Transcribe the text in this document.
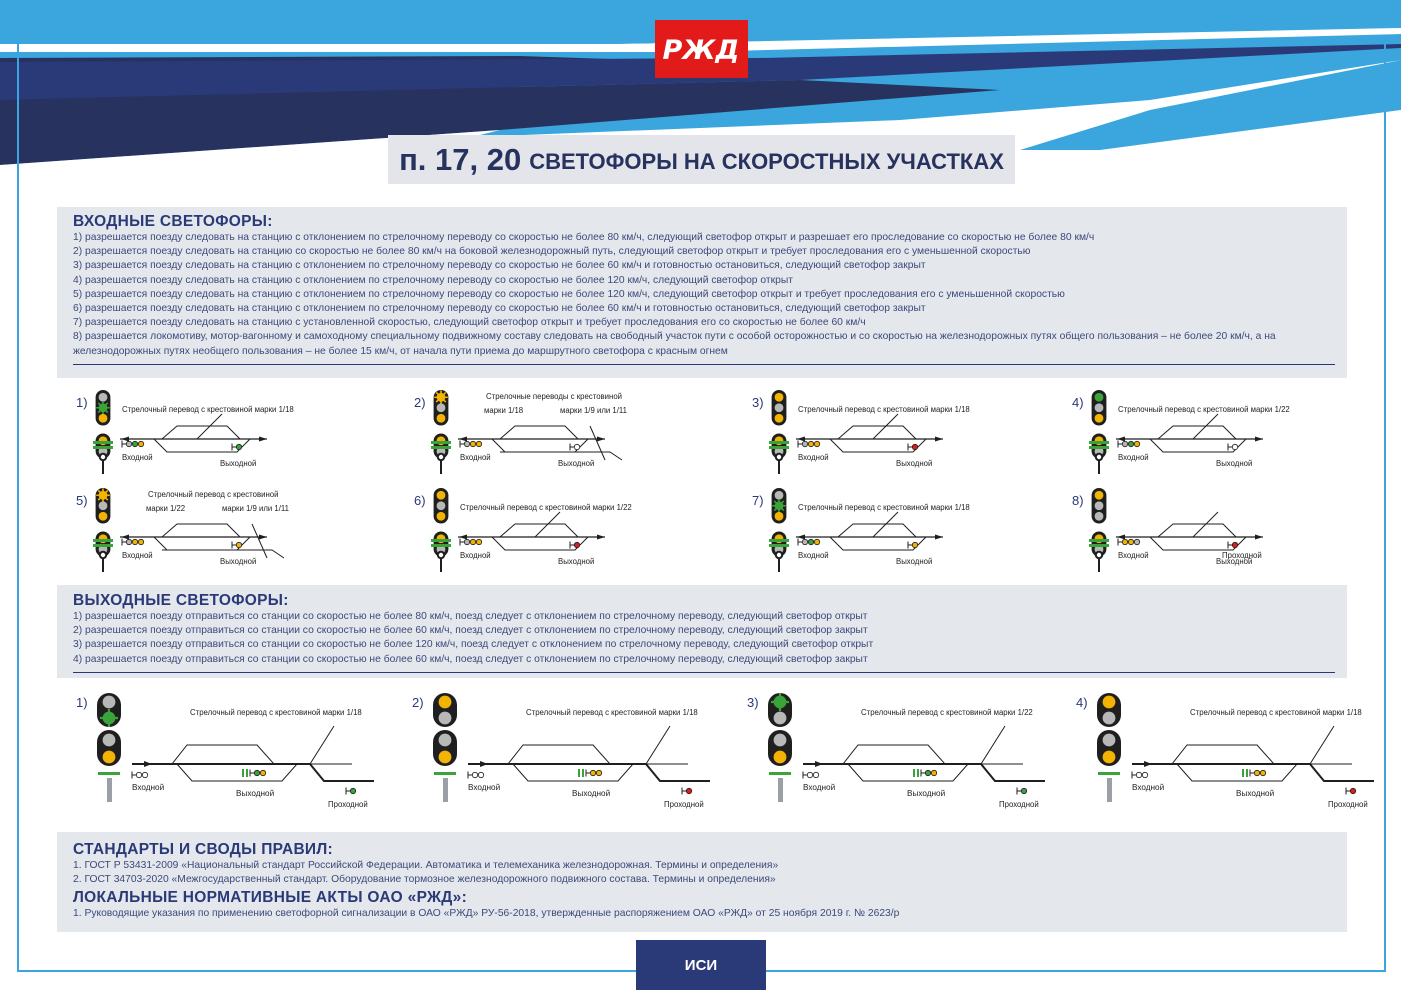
РЖД
п. 17, 20 СВЕТОФОРЫ НА СКОРОСТНЫХ УЧАСТКАХ
ВХОДНЫЕ СВЕТОФОРЫ:
1) разрешается поезду следовать на станцию с отклонением по стрелочному переводу со скоростью не более 80 км/ч, следующий светофор открыт и разрешает его проследование со скоростью не более 80 км/ч
2) разрешается поезду следовать на станцию со скоростью не более 80 км/ч на боковой железнодорожный путь, следующий светофор открыт и требует проследования его с уменьшенной скоростью
3) разрешается поезду следовать на станцию с отклонением по стрелочному переводу со скоростью не более 60 км/ч и готовностью остановиться, следующий светофор закрыт
4) разрешается поезду следовать на станцию с отклонением по стрелочному переводу со скоростью не более 120 км/ч, следующий светофор открыт
5) разрешается поезду следовать на станцию с отклонением по стрелочному переводу со скоростью не более 120 км/ч, следующий светофор открыт и требует проследования его с уменьшенной скоростью
6) разрешается поезду следовать на станцию с отклонением по стрелочному переводу со скоростью не более 60 км/ч и готовностью остановиться, следующий светофор закрыт
7) разрешается поезду следовать на станцию с установленной скоростью, следующий светофор открыт и требует проследования его со скоростью не более 60 км/ч
8) разрешается локомотиву, мотор-вагонному и самоходному специальному подвижному составу следовать на свободный участок пути с особой осторожностью и со скоростью на железнодорожных путях общего пользования – не более 20 км/ч, а на железнодорожных путях необщего пользования – не более 15 км/ч, от начала пути приема до маршрутного светофора с красным огнем
1)
Входной
Выходной
Стрелочный перевод с крестовиной марки 1/18	2)
Входной
Выходной
Стрелочные переводы с крестовиной
марки 1/18	марки 1/9 или 1/11
3)
Входной
Выходной
Стрелочный перевод с крестовиной марки 1/18	4)
Входной
Выходной
Стрелочный перевод с крестовиной марки 1/22
5)
Входной
Выходной
Стрелочный перевод с крестовиной
марки 1/22	марки 1/9 или 1/11
6)
Входной
Выходной
Стрелочный перевод с крестовиной марки 1/22	7)
Входной
Выходной
Стрелочный перевод с крестовиной марки 1/18	8)
Входной
Выходной
Проходной
ВЫХОДНЫЕ СВЕТОФОРЫ:
1) разрешается поезду отправиться со станции со скоростью не более 80 км/ч, поезд следует с отклонением по стрелочному переводу, следующий светофор открыт
2) разрешается поезду отправиться со станции со скоростью не более 60 км/ч, поезд следует с отклонением по стрелочному переводу, следующий светофор закрыт
3) разрешается поезду отправиться со станции со скоростью не более 120 км/ч, поезд следует с отклонением по стрелочному переводу, следующий светофор открыт
4) разрешается поезду отправиться со станции со скоростью не более 60 км/ч, поезд следует с отклонением по стрелочному переводу, следующий светофор закрыт
1)
Входной
Выходной
Проходной
Стрелочный перевод с крестовиной марки 1/18
2)
Входной
Выходной
Проходной
Стрелочный перевод с крестовиной марки 1/18
3)
Входной
Выходной
Проходной
Стрелочный перевод с крестовиной марки 1/22
4)
Входной
Выходной
Проходной
Стрелочный перевод с крестовиной марки 1/18
СТАНДАРТЫ И СВОДЫ ПРАВИЛ:
1. ГОСТ Р 53431-2009 «Национальный стандарт Российской Федерации. Автоматика и телемеханика железнодорожная. Термины и определения»
2. ГОСТ 34703-2020 «Межгосударственный стандарт. Оборудование тормозное железнодорожного подвижного состава. Термины и определения»
ЛОКАЛЬНЫЕ НОРМАТИВНЫЕ АКТЫ ОАО «РЖД»:
1. Руководящие указания по применению светофорной сигнализации в ОАО «РЖД» РУ-56-2018, утвержденные распоряжением ОАО «РЖД» от 25 ноября 2019 г. № 2623/р
ИСИ
